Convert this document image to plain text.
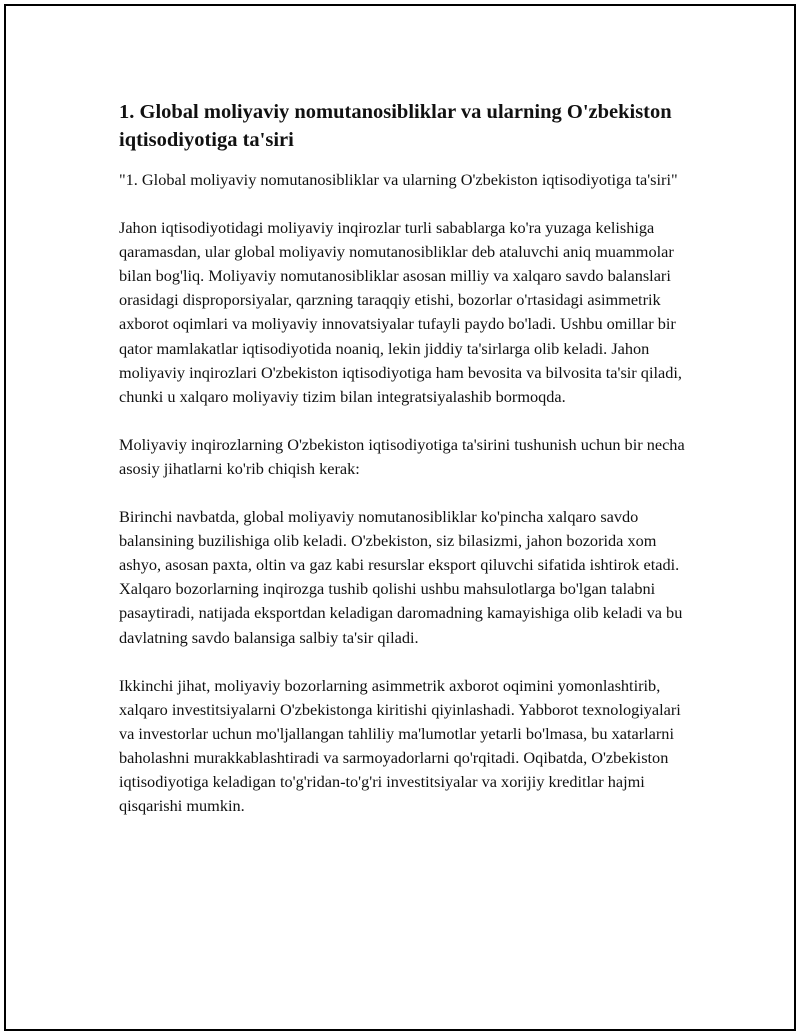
1. Global moliyaviy nomutanosibliklar va ularning O'zbekiston iqtisodiyotiga ta'siri

"1. Global moliyaviy nomutanosibliklar va ularning O'zbekiston iqtisodiyotiga ta'siri"

Jahon iqtisodiyotidagi moliyaviy inqirozlar turli sabablarga ko'ra yuzaga kelishiga qaramasdan, ular global moliyaviy nomutanosibliklar deb ataluvchi aniq muammolar bilan bog'liq. Moliyaviy nomutanosibliklar asosan milliy va xalqaro savdo balanslari orasidagi disproporsiyalar, qarzning taraqqiy etishi, bozorlar o'rtasidagi asimmetrik axborot oqimlari va moliyaviy innovatsiyalar tufayli paydo bo'ladi. Ushbu omillar bir qator mamlakatlar iqtisodiyotida noaniq, lekin jiddiy ta'sirlarga olib keladi. Jahon moliyaviy inqirozlari O'zbekiston iqtisodiyotiga ham bevosita va bilvosita ta'sir qiladi, chunki u xalqaro moliyaviy tizim bilan integratsiyalashib bormoqda.

Moliyaviy inqirozlarning O'zbekiston iqtisodiyotiga ta'sirini tushunish uchun bir necha asosiy jihatlarni ko'rib chiqish kerak:

Birinchi navbatda, global moliyaviy nomutanosibliklar ko'pincha xalqaro savdo balansining buzilishiga olib keladi. O'zbekiston, siz bilasizmi, jahon bozorida xom ashyo, asosan paxta, oltin va gaz kabi resurslar eksport qiluvchi sifatida ishtirok etadi. Xalqaro bozorlarning inqirozga tushib qolishi ushbu mahsulotlarga bo'lgan talabni pasaytiradi, natijada eksportdan keladigan daromadning kamayishiga olib keladi va bu davlatning savdo balansiga salbiy ta'sir qiladi.

Ikkinchi jihat, moliyaviy bozorlarning asimmetrik axborot oqimini yomonlashtirib, xalqaro investitsiyalarni O'zbekistonga kiritishi qiyinlashadi. Yabborot texnologiyalari va investorlar uchun mo'ljallangan tahliliy ma'lumotlar yetarli bo'lmasa, bu xatarlarni baholashni murakkablashtiradi va sarmoyadorlarni qo'rqitadi. Oqibatda, O'zbekiston iqtisodiyotiga keladigan to'g'ridan-to'g'ri investitsiyalar va xorijiy kreditlar hajmi qisqarishi mumkin.
